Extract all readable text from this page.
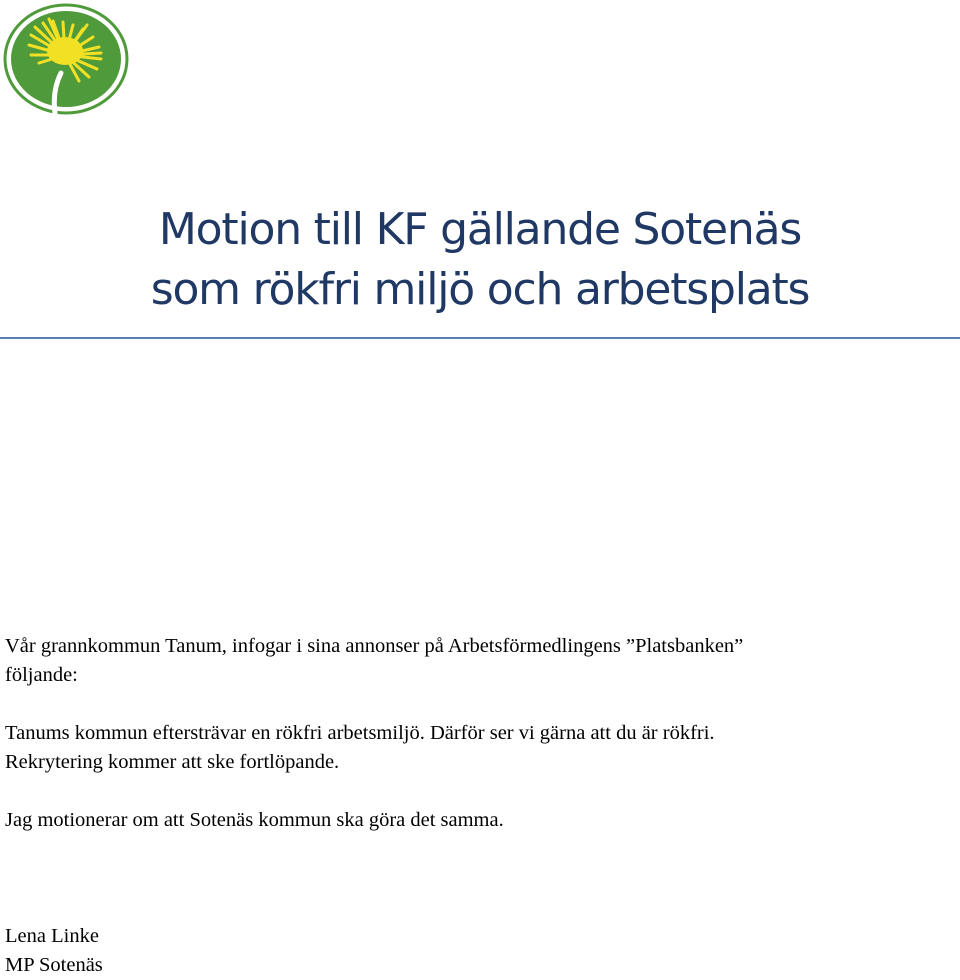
Motion till KF gällande Sotenäs
som rökfri miljö och arbetsplats

Vår grannkommun Tanum, infogar i sina annonser på Arbetsförmedlingens ”Platsbanken”

följande:

Tanums kommun eftersträvar en rökfri arbetsmiljö. Därför ser vi gärna att du är rökfri.

Rekrytering kommer att ske fortlöpande.

Jag motionerar om att Sotenäs kommun ska göra det samma.

Lena Linke
MP Sotenäs
